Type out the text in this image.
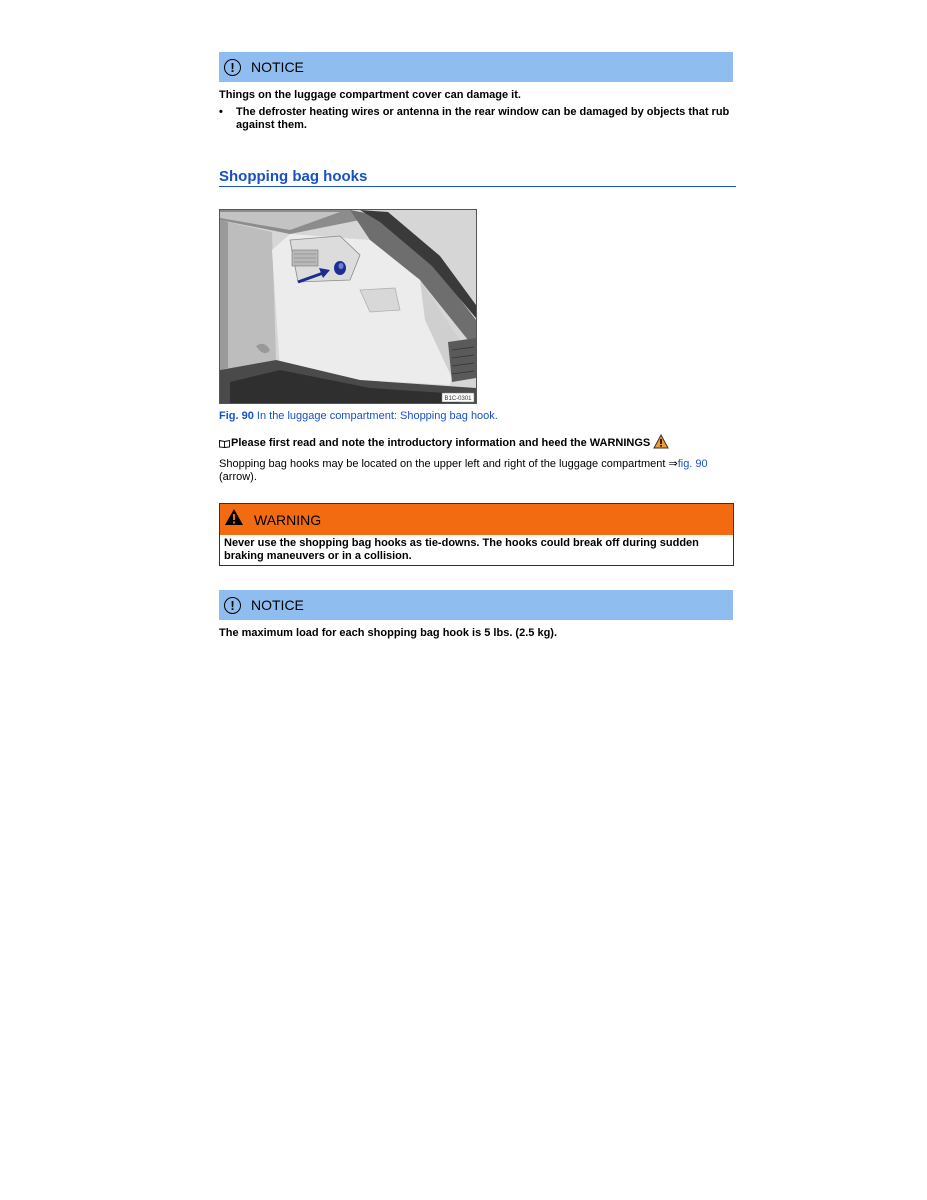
!	NOTICE
Things on the luggage compartment cover can damage it.
• The defroster heating wires or antenna in the rear window can be damaged by objects that rub against them.
Shopping bag hooks
B1C-0301
Fig. 90 In the luggage compartment: Shopping bag hook.
Please first read and note the introductory information and heed the WARNINGS
Shopping bag hooks may be located on the upper left and right of the luggage compartment ⇒fig. 90
(arrow).
WARNING
Never use the shopping bag hooks as tie-downs. The hooks could break off during sudden braking maneuvers or in a collision.
!	NOTICE
The maximum load for each shopping bag hook is 5 lbs. (2.5 kg).
